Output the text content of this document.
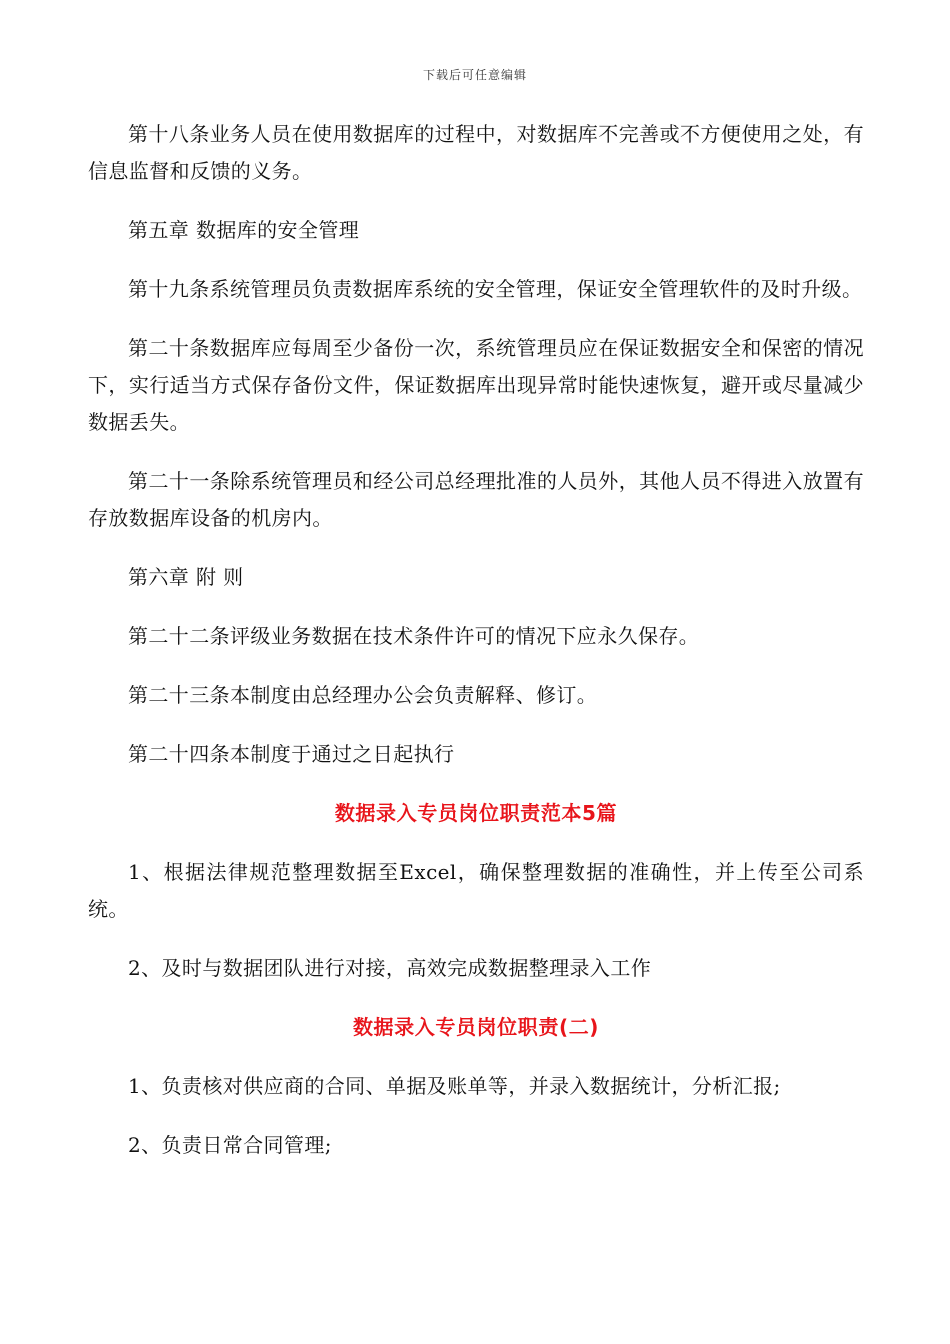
下载后可任意编辑

第十八条业务人员在使用数据库的过程中，对数据库不完善或不方便使用之处，有信息监督和反馈的义务。

第五章 数据库的安全管理

第十九条系统管理员负责数据库系统的安全管理，保证安全管理软件的及时升级。

第二十条数据库应每周至少备份一次，系统管理员应在保证数据安全和保密的情况下，实行适当方式保存备份文件，保证数据库出现异常时能快速恢复，避开或尽量减少数据丢失。

第二十一条除系统管理员和经公司总经理批准的人员外，其他人员不得进入放置有存放数据库设备的机房内。

第六章 附 则

第二十二条评级业务数据在技术条件许可的情况下应永久保存。

第二十三条本制度由总经理办公会负责解释、修订。

第二十四条本制度于通过之日起执行

数据录入专员岗位职责范本5篇

1、根据法律规范整理数据至Excel，确保整理数据的准确性，并上传至公司系统。

2、及时与数据团队进行对接，高效完成数据整理录入工作

数据录入专员岗位职责(二)

1、负责核对供应商的合同、单据及账单等，并录入数据统计，分析汇报;

2、负责日常合同管理;
